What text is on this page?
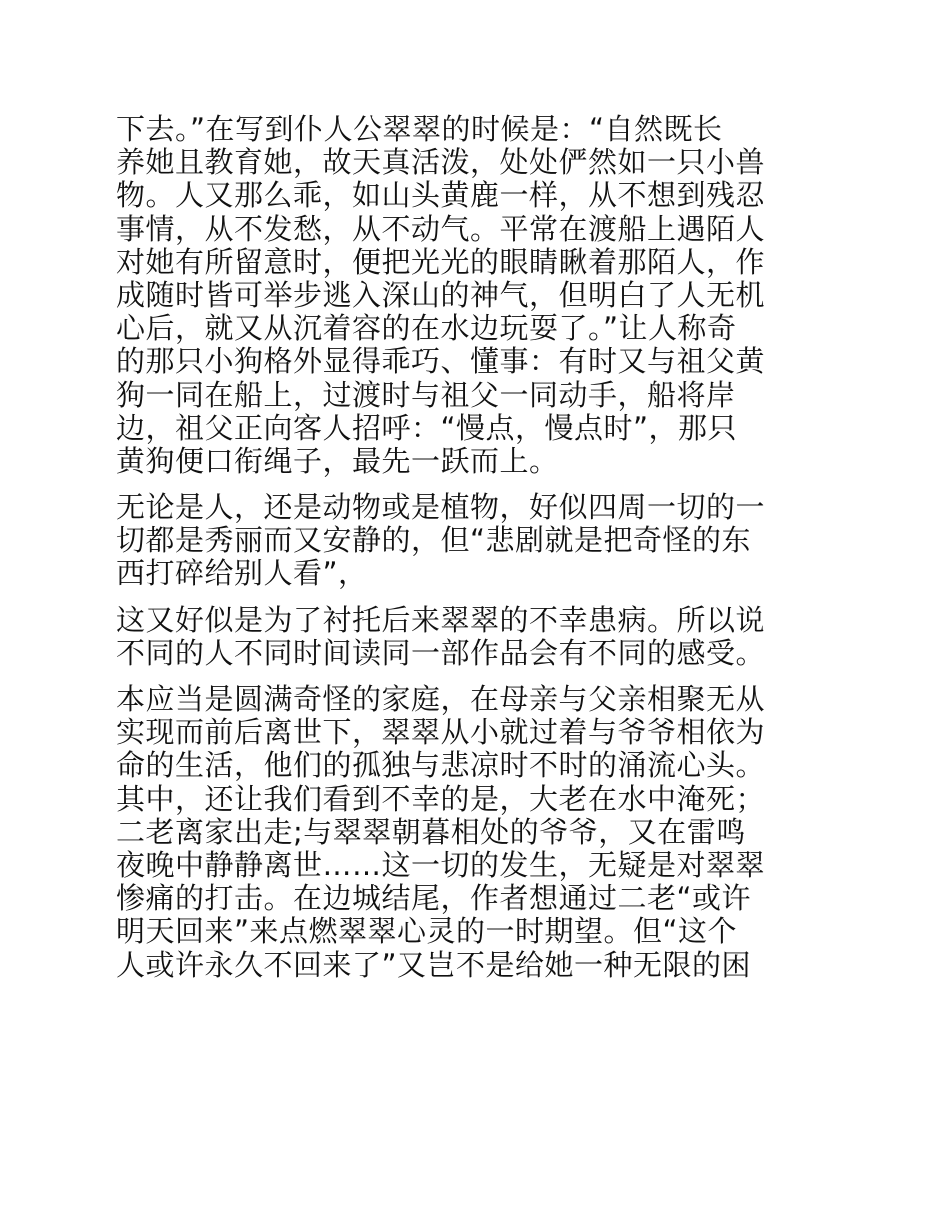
下去。”在写到仆人公翠翠的时候是：“自然既长
养她且教育她，故天真活泼，处处俨然如一只小兽
物。人又那么乖，如山头黄鹿一样，从不想到残忍
事情，从不发愁，从不动气。平常在渡船上遇陌人
对她有所留意时，便把光光的眼睛瞅着那陌人，作
成随时皆可举步逃入深山的神气，但明白了人无机
心后，就又从沉着容的在水边玩耍了。”让人称奇
的那只小狗格外显得乖巧、懂事：有时又与祖父黄
狗一同在船上，过渡时与祖父一同动手，船将岸
边，祖父正向客人招呼：“慢点，慢点时”，那只
黄狗便口衔绳子，最先一跃而上。
无论是人，还是动物或是植物，好似四周一切的一
切都是秀丽而又安静的，但“悲剧就是把奇怪的东
西打碎给别人看”，
这又好似是为了衬托后来翠翠的不幸患病。所以说
不同的人不同时间读同一部作品会有不同的感受。
本应当是圆满奇怪的家庭，在母亲与父亲相聚无从
实现而前后离世下，翠翠从小就过着与爷爷相依为
命的生活，他们的孤独与悲凉时不时的涌流心头。
其中，还让我们看到不幸的是，大老在水中淹死；
二老离家出走;与翠翠朝暮相处的爷爷，又在雷鸣
夜晚中静静离世……这一切的发生，无疑是对翠翠
惨痛的打击。在边城结尾，作者想通过二老“或许
明天回来”来点燃翠翠心灵的一时期望。但“这个
人或许永久不回来了”又岂不是给她一种无限的困
